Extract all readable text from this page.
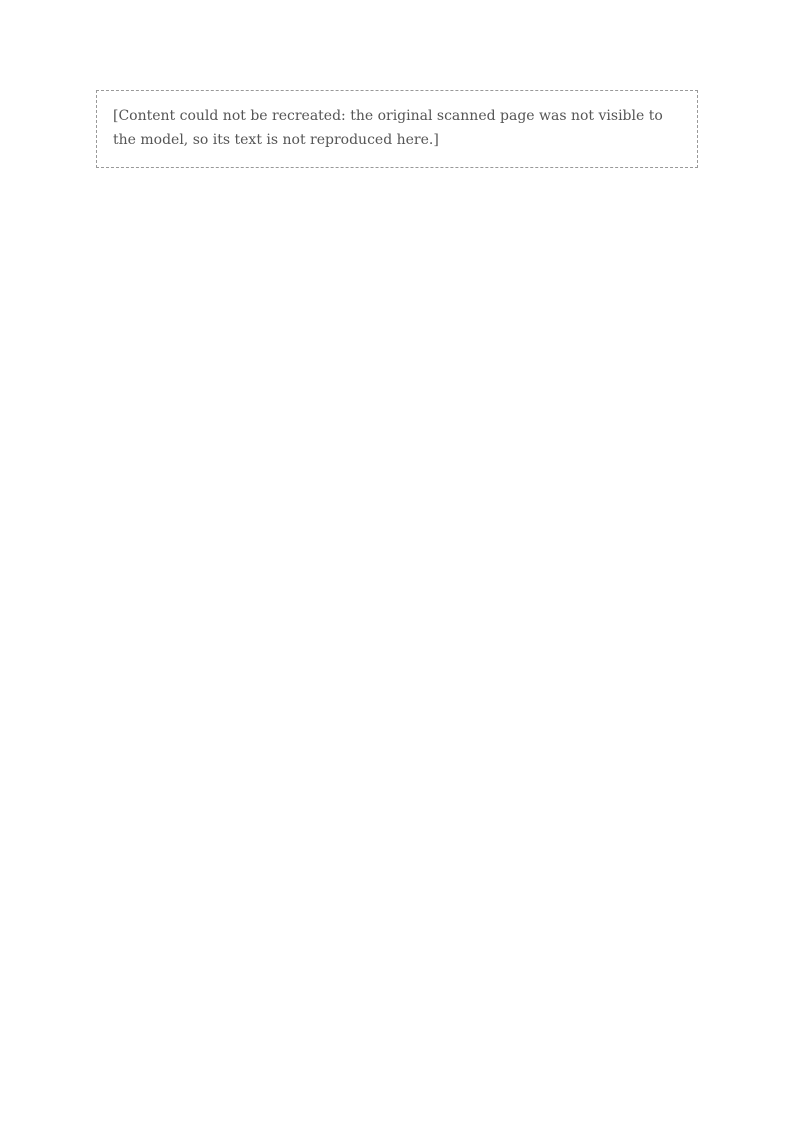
[Content could not be recreated: the original scanned page was not visible to the model, so its text is not reproduced here.]
